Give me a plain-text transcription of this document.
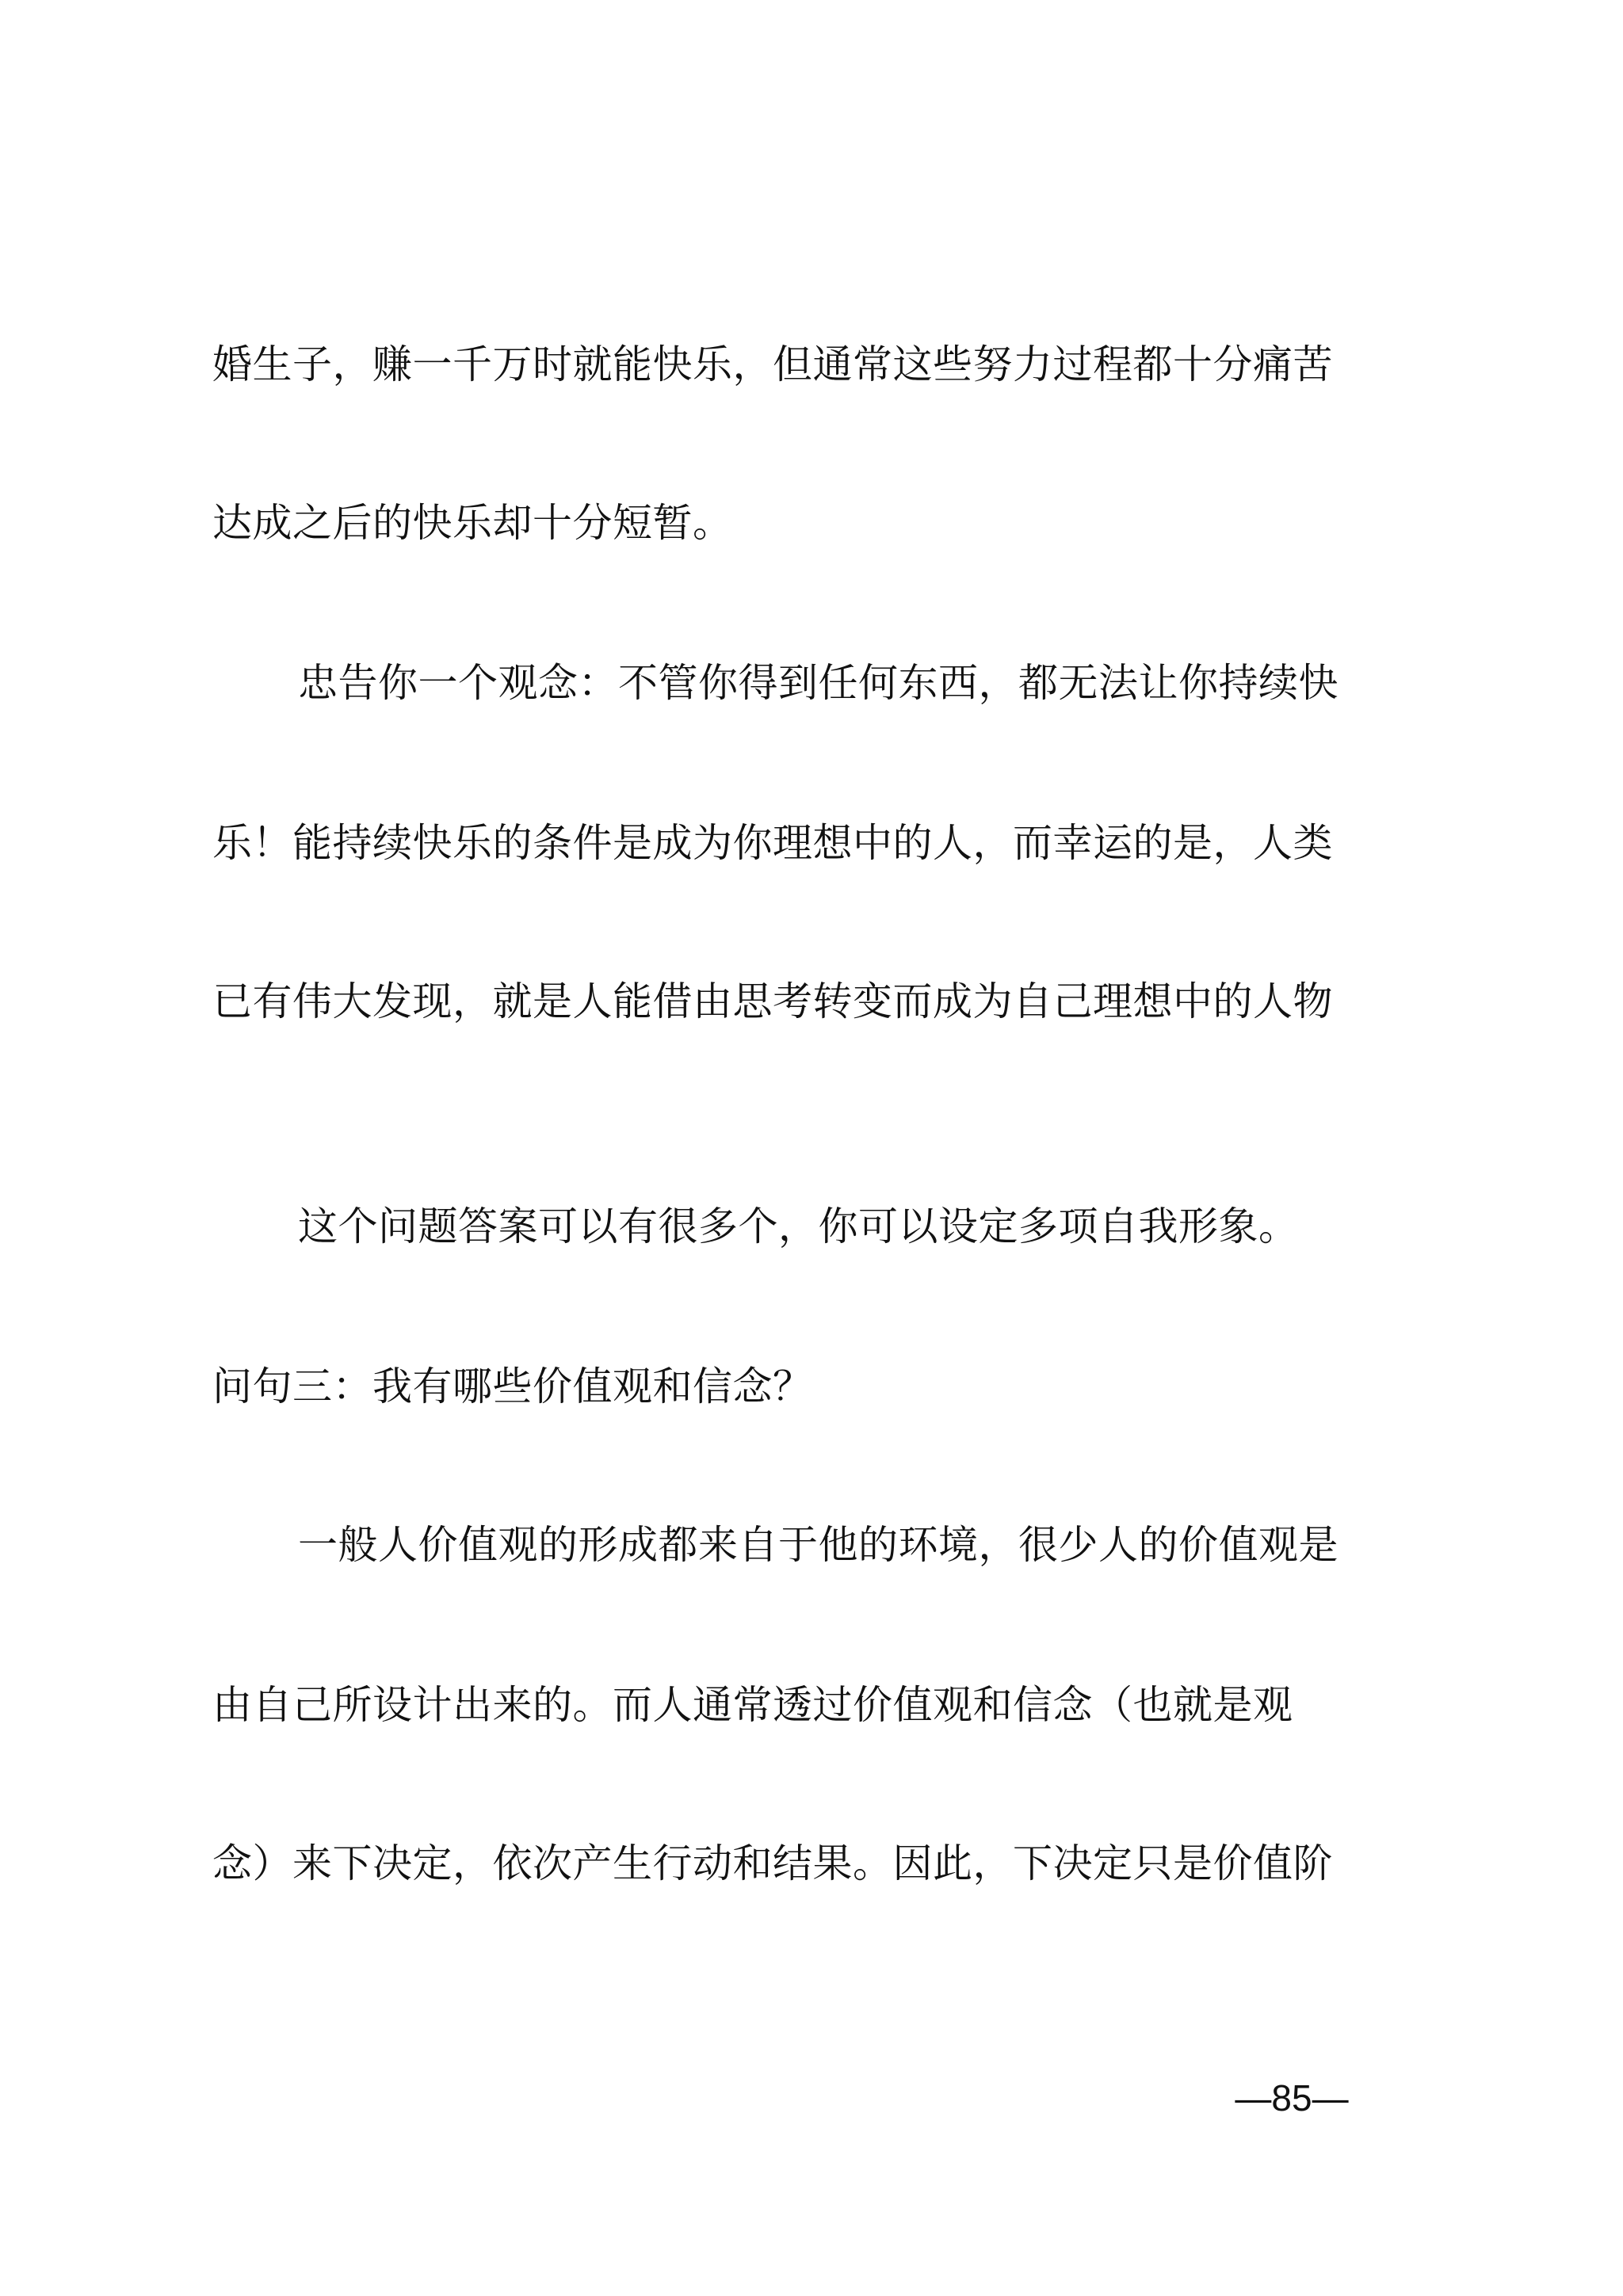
婚生子，赚一千万时就能快乐，但通常这些努力过程都十分痛苦
达成之后的快乐却十分短暂。
忠告你一个观念：不管你得到任何东西，都无法让你持续快
乐！能持续快乐的条件是成为你理想中的人，而幸运的是，人类
已有伟大发现，就是人能借由思考转变而成为自己理想中的人物
这个问题答案可以有很多个，你可以设定多项自我形象。
问句三：我有哪些价值观和信念？
一般人价值观的形成都来自于他的环境，很少人的价值观是
由自己所设计出来的。而人通常透过价值观和信念（也就是观
念）来下决定，依次产生行动和结果。因此，下决定只是价值阶
—85—
